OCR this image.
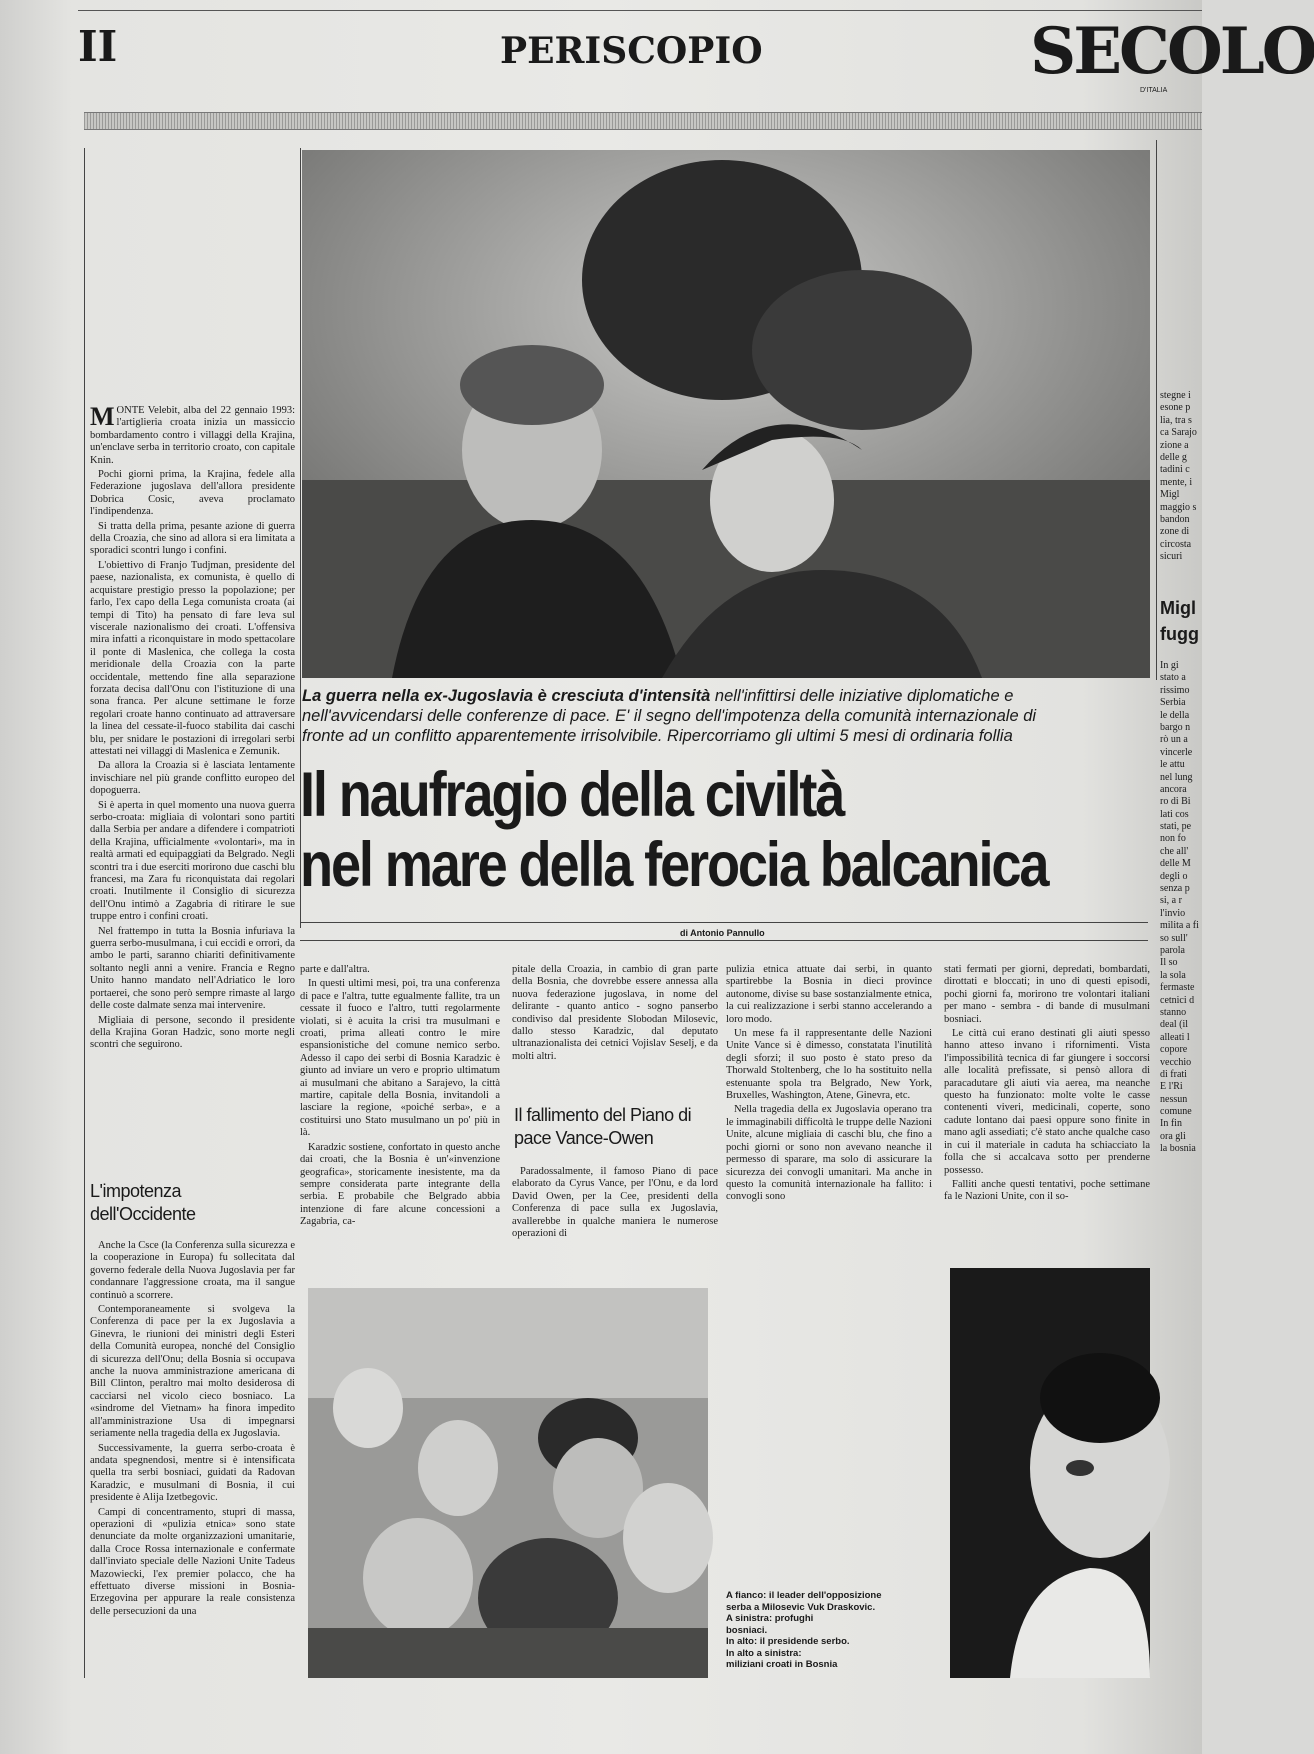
II	PERISCOPIO	SECOLO
D'ITALIA
La guerra nella ex-Jugoslavia è cresciuta d'intensità nell'infittirsi delle iniziative diplomatiche e nell'avvicendarsi delle conferenze di pace. E' il segno dell'impotenza della comunità internazionale di fronte ad un conflitto apparentemente irrisolvibile. Ripercorriamo gli ultimi 5 mesi di ordinaria follia
Il naufragio della civiltà
nel mare della ferocia balcanica
di Antonio Pannullo

MONTE Velebit, alba del 22 gennaio 1993: l'artiglieria croata inizia un massiccio bombardamento contro i villaggi della Krajina, un'enclave serba in territorio croato, con capitale Knin.

Pochi giorni prima, la Krajina, fedele alla Federazione jugoslava dell'allora presidente Dobrica Cosic, aveva proclamato l'indipendenza.

Si tratta della prima, pesante azione di guerra della Croazia, che sino ad allora si era limitata a sporadici scontri lungo i confini.

L'obiettivo di Franjo Tudjman, presidente del paese, nazionalista, ex comunista, è quello di acquistare prestigio presso la popolazione; per farlo, l'ex capo della Lega comunista croata (ai tempi di Tito) ha pensato di fare leva sul viscerale nazionalismo dei croati. L'offensiva mira infatti a riconquistare in modo spettacolare il ponte di Maslenica, che collega la costa meridionale della Croazia con la parte occidentale, mettendo fine alla separazione forzata decisa dall'Onu con l'istituzione di una sona franca. Per alcune settimane le forze regolari croate hanno continuato ad attraversare la linea del cessate-il-fuoco stabilita dai caschi blu, per snidare le postazioni di irregolari serbi attestati nei villaggi di Maslenica e Zemunik.

Da allora la Croazia si è lasciata lentamente invischiare nel più grande conflitto europeo del dopoguerra.

Si è aperta in quel momento una nuova guerra serbo-croata: migliaia di volontari sono partiti dalla Serbia per andare a difendere i compatrioti della Krajina, ufficialmente «volontari», ma in realtà armati ed equipaggiati da Belgrado. Negli scontri tra i due eserciti morirono due caschi blu francesi, ma Zara fu riconquistata dai regolari croati. Inutilmente il Consiglio di sicurezza dell'Onu intimò a Zagabria di ritirare le sue truppe entro i confini croati.

Nel frattempo in tutta la Bosnia infuriava la guerra serbo-musulmana, i cui eccidi e orrori, da ambo le parti, saranno chiariti definitivamente soltanto negli anni a venire. Francia e Regno Unito hanno mandato nell'Adriatico le loro portaerei, che sono però sempre rimaste al largo delle coste dalmate senza mai intervenire.

Migliaia di persone, secondo il presidente della Krajina Goran Hadzic, sono morte negli scontri che seguirono.

L'impotenza dell'Occidente

Anche la Csce (la Conferenza sulla sicurezza e la cooperazione in Europa) fu sollecitata dal governo federale della Nuova Jugoslavia per far condannare l'aggressione croata, ma il sangue continuò a scorrere.

Contemporaneamente si svolgeva la Conferenza di pace per la ex Jugoslavia a Ginevra, le riunioni dei ministri degli Esteri della Comunità europea, nonché del Consiglio di sicurezza dell'Onu; della Bosnia si occupava anche la nuova amministrazione americana di Bill Clinton, peraltro mai molto desiderosa di cacciarsi nel vicolo cieco bosniaco. La «sindrome del Vietnam» ha finora impedito all'amministrazione Usa di impegnarsi seriamente nella tragedia della ex Jugoslavia.

Successivamente, la guerra serbo-croata è andata spegnendosi, mentre si è intensificata quella tra serbi bosniaci, guidati da Radovan Karadzic, e musulmani di Bosnia, il cui presidente è Alija Izetbegovic.

Campi di concentramento, stupri di massa, operazioni di «pulizia etnica» sono state denunciate da molte organizzazioni umanitarie, dalla Croce Rossa internazionale e confermate dall'inviato speciale delle Nazioni Unite Tadeus Mazowiecki, l'ex premier polacco, che ha effettuato diverse missioni in Bosnia-Erzegovina per appurare la reale consistenza delle persecuzioni da una

parte e dall'altra.

In questi ultimi mesi, poi, tra una conferenza di pace e l'altra, tutte egualmente fallite, tra un cessate il fuoco e l'altro, tutti regolarmente violati, si è acuita la crisi tra musulmani e croati, prima alleati contro le mire espansionistiche del comune nemico serbo. Adesso il capo dei serbi di Bosnia Karadzic è giunto ad inviare un vero e proprio ultimatum ai musulmani che abitano a Sarajevo, la città martire, capitale della Bosnia, invitandoli a lasciare la regione, «poiché serba», e a costituirsi uno Stato musulmano un po' più in là.

Karadzic sostiene, confortato in questo anche dai croati, che la Bosnia è un'«invenzione geografica», storicamente inesistente, ma da sempre considerata parte integrante della serbia. E probabile che Belgrado abbia intenzione di fare alcune concessioni a Zagabria, ca-

pitale della Croazia, in cambio di gran parte della Bosnia, che dovrebbe essere annessa alla nuova federazione jugoslava, in nome del delirante - quanto antico - sogno panserbo condiviso dal presidente Slobodan Milosevic, dallo stesso Karadzic, dal deputato ultranazionalista dei cetnici Vojislav Seselj, e da molti altri.

Il fallimento del Piano di pace Vance-Owen

Paradossalmente, il famoso Piano di pace elaborato da Cyrus Vance, per l'Onu, e da lord David Owen, per la Cee, presidenti della Conferenza di pace sulla ex Jugoslavia, avallerebbe in qualche maniera le numerose operazioni di

pulizia etnica attuate dai serbi, in quanto spartirebbe la Bosnia in dieci province autonome, divise su base sostanzialmente etnica, la cui realizzazione i serbi stanno accelerando a loro modo.

Un mese fa il rappresentante delle Nazioni Unite Vance si è dimesso, constatata l'inutilità degli sforzi; il suo posto è stato preso da Thorwald Stoltenberg, che lo ha sostituito nella estenuante spola tra Belgrado, New York, Bruxelles, Washington, Atene, Ginevra, etc.

Nella tragedia della ex Jugoslavia operano tra le immaginabili difficoltà le truppe delle Nazioni Unite, alcune migliaia di caschi blu, che fino a pochi giorni or sono non avevano neanche il permesso di sparare, ma solo di assicurare la sicurezza dei convogli umanitari. Ma anche in questo la comunità internazionale ha fallito: i convogli sono

stati fermati per giorni, depredati, bombardati, dirottati e bloccati; in uno di questi episodi, pochi giorni fa, morirono tre volontari italiani per mano - sembra - di bande di musulmani bosniaci.

Le città cui erano destinati gli aiuti spesso hanno atteso invano i rifornimenti. Vista l'impossibilità tecnica di far giungere i soccorsi alle località prefissate, si pensò allora di paracadutare gli aiuti via aerea, ma neanche questo ha funzionato: molte volte le casse contenenti viveri, medicinali, coperte, sono cadute lontano dai paesi oppure sono finite in mano agli assediati; c'è stato anche qualche caso in cui il materiale in caduta ha schiacciato la folla che si accalcava sotto per prenderne possesso.

Falliti anche questi tentativi, poche settimane fa le Nazioni Unite, con il so-

A fianco: il leader dell'opposizione
serba a Milosevic Vuk Draskovic.
A sinistra: profughi
bosniaci.
In alto: il presidende serbo.
In alto a sinistra:
miliziani croati in Bosnia
stegne i
esone p
lia, tra s
ca Sarajo
zione a
delle g
tadini c
mente, i
Migl
maggio s
bandon
zone di
circosta
sicuri
Migl
fugg
In gi
stato a
rissimo
Serbia
le della
bargo n
rò un a
vincerle
le attu
nel lung
ancora
ro di Bi
lati cos
stati, pe
non fo
che all'
delle M
degli o
senza p
si, a r
l'invio
milita a fi
so sull'
parola
Il so
la sola
fermaste
cetnici d
stanno
deal (il
alleati l
copore
vecchio
di frati
E l'Ri
nessun
comune
In fin
ora gli
la bosnia
